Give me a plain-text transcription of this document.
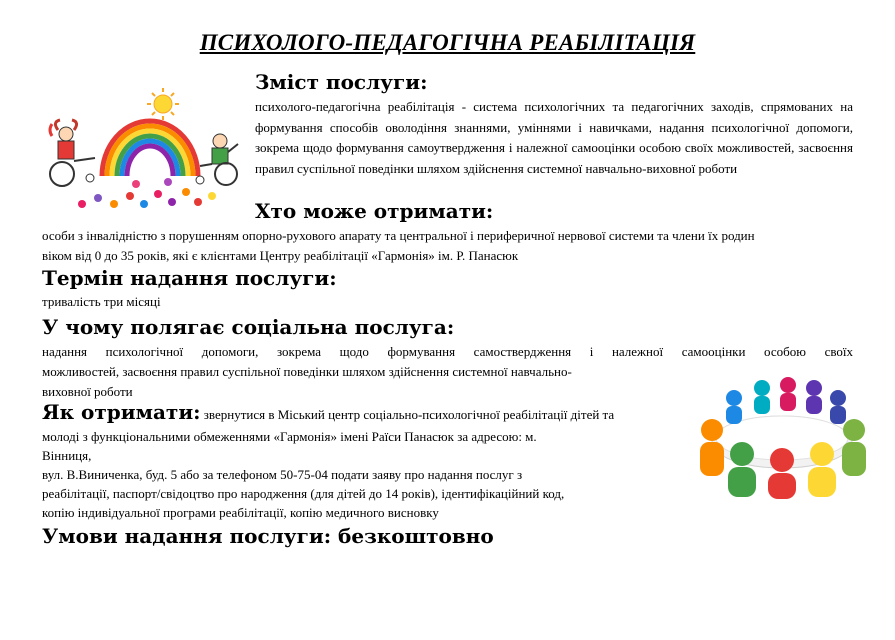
ПСИХОЛОГО-ПЕДАГОГІЧНА РЕАБІЛІТАЦІЯ
Зміст послуги:

психолого-педагогічна реабілітація - система психологічних та педагогічних заходів, спрямованих на формування способів оволодіння знаннями, уміннями і навичками, надання психологічної допомоги, зокрема щодо формування самоутвердження і належної самооцінки особою своїх можливостей, засвоєння правил суспільної поведінки шляхом здійснення системної навчально-виховної роботи

Хто може отримати:
особи з інвалідністю з порушенням опорно-рухового апарату та центральної і периферичної нервової системи та члени їх родин
віком від 0 до 35 років, які є клієнтами Центру реабілітації «Гармонія» ім. Р. Панасюк
Термін надання послуги:
тривалість три місяці
У чому полягає соціальна послуга:
надання психологічної допомоги, зокрема щодо формування самоствердження і належної самооцінки особою своїх
можливостей, засвоєння правил суспільної поведінки шляхом здійснення системної навчально-
виховної роботи
Як отримати: звернутися в Міський центр соціально-психологічної реабілітації дітей та
молоді з функціональними обмеженнями «Гармонія» імені Раїси Панасюк за адресою: м.
Вінниця,
вул. В.Виниченка, буд. 5 або за телефоном 50-75-04 подати заяву про надання послуг з
реабілітації, паспорт/свідоцтво про народження (для дітей до 14 років), ідентифікаційний код,
копію індивідуальної програми реабілітації, копію медичного висновку
Умови надання послуги: безкоштовно
